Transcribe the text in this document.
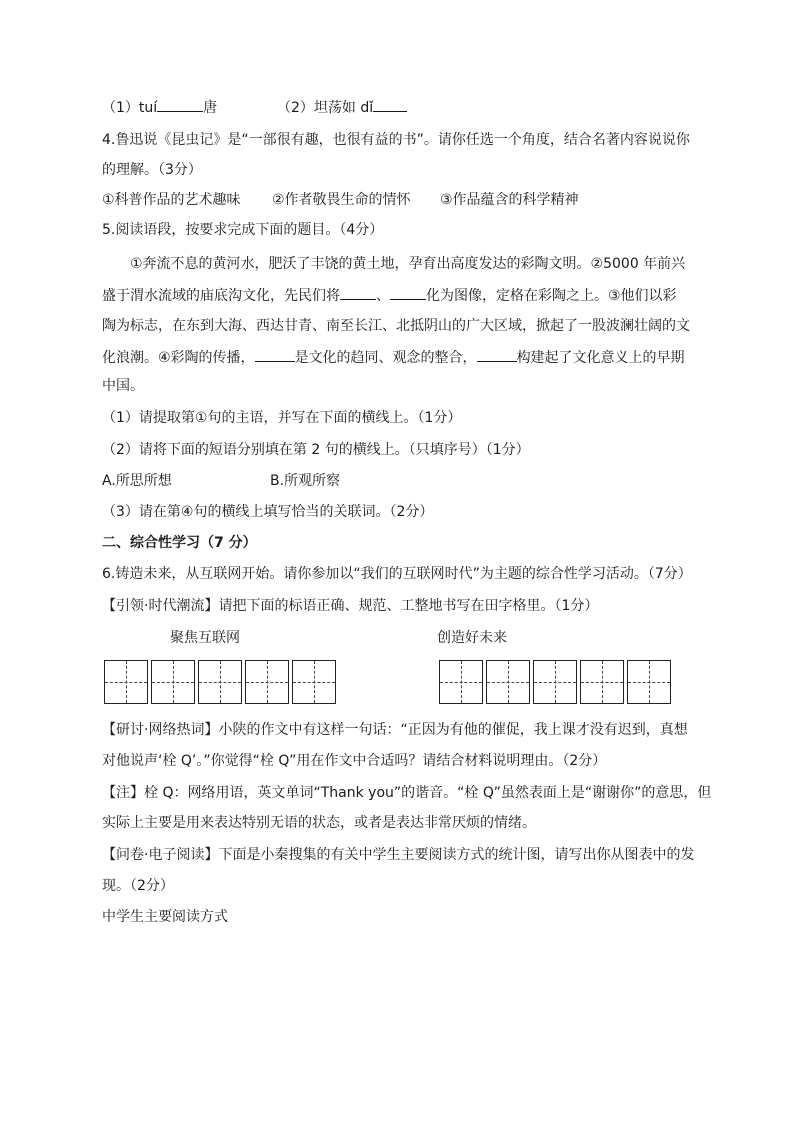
（1）tuí	唐	（2）坦荡如 dǐ
4.鲁迅说《昆虫记》是“一部很有趣，也很有益的书”。请你任选一个角度，结合名著内容说说你
的理解。（3分）
①科普作品的艺术趣味 ②作者敬畏生命的情怀 ③作品蕴含的科学精神
5.阅读语段，按要求完成下面的题目。（4分）
①奔流不息的黄河水，肥沃了丰饶的黄土地，孕育出高度发达的彩陶文明。②5000 年前兴
盛于渭水流域的庙底沟文化，先民们将	、	化为图像，定格在彩陶之上。③他们以彩
陶为标志，在东到大海、西达甘青、南至长江、北抵阴山的广大区域，掀起了一股波澜壮阔的文
化浪潮。④彩陶的传播，	是文化的趋同、观念的整合，	构建起了文化意义上的早期
中国。
（1）请提取第①句的主语，并写在下面的横线上。（1分）
（2）请将下面的短语分别填在第 2 句的横线上。（只填序号）（1分）
A.所思所想	B.所观所察
（3）请在第④句的横线上填写恰当的关联词。（2分）
二、综合性学习（7 分）
6.铸造未来，从互联网开始。请你参加以“我们的互联网时代”为主题的综合性学习活动。（7分）
【引领·时代潮流】请把下面的标语正确、规范、工整地书写在田字格里。（1分）
聚焦互联网	创造好未来
【研讨·网络热词】小陕的作文中有这样一句话：“正因为有他的催促，我上课才没有迟到，真想
对他说声‘栓 Q’。”你觉得“栓 Q”用在作文中合适吗？请结合材料说明理由。（2分）
【注】栓 Q：网络用语，英文单词“Thank you”的谐音。“栓 Q”虽然表面上是“谢谢你”的意思，但
实际上主要是用来表达特别无语的状态，或者是表达非常厌烦的情绪。
【问卷·电子阅读】下面是小秦搜集的有关中学生主要阅读方式的统计图，请写出你从图表中的发
现。（2分）
中学生主要阅读方式
